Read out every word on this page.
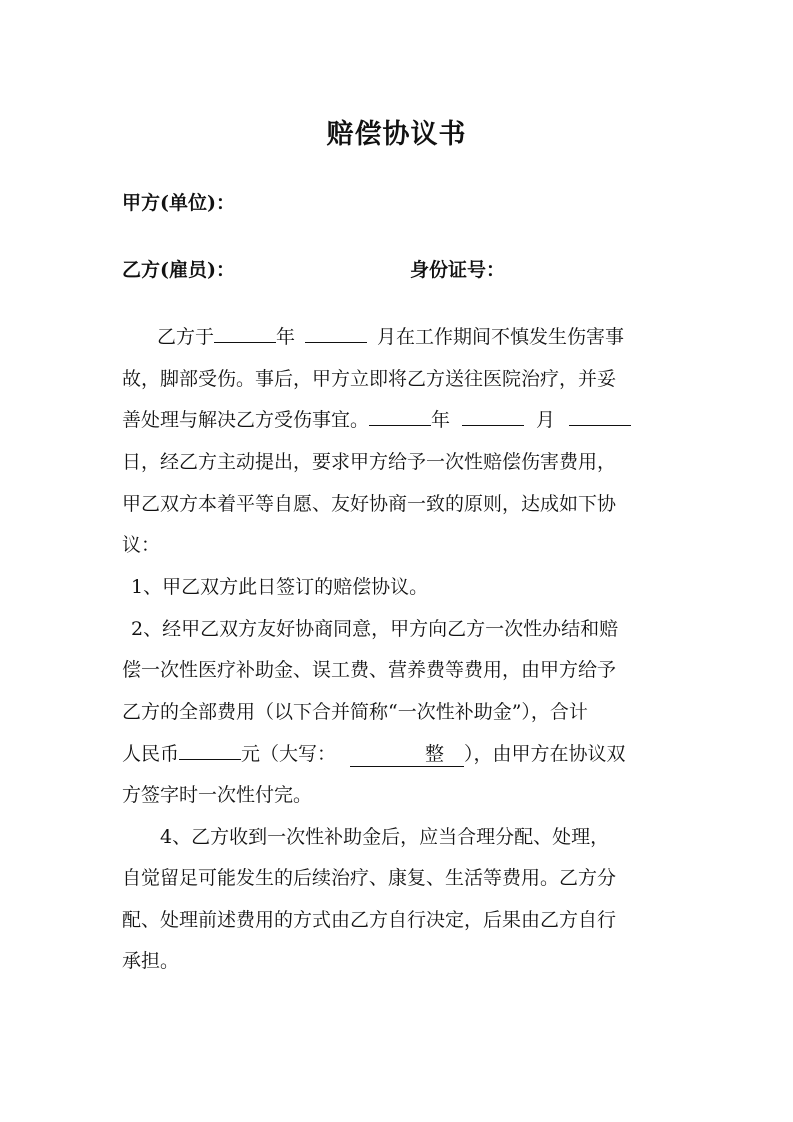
赔偿协议书
甲方(单位)：
乙方(雇员)：	身份证号：
乙方于	年	月在工作期间不慎发生伤害事
故，脚部受伤。事后，甲方立即将乙方送往医院治疗，并妥
善处理与解决乙方受伤事宜。	年	月
日，经乙方主动提出，要求甲方给予一次性赔偿伤害费用，
甲乙双方本着平等自愿、友好协商一致的原则，达成如下协
议：
1、甲乙双方此日签订的赔偿协议。
2、经甲乙双方友好协商同意，甲方向乙方一次性办结和赔
偿一次性医疗补助金、误工费、营养费等费用，由甲方给予
乙方的全部费用（以下合并简称“一次性补助金”），合计
人民币	元（大写：	整 ），由甲方在协议双
方签字时一次性付完。
4、乙方收到一次性补助金后，应当合理分配、处理，
自觉留足可能发生的后续治疗、康复、生活等费用。乙方分
配、处理前述费用的方式由乙方自行决定，后果由乙方自行
承担。
